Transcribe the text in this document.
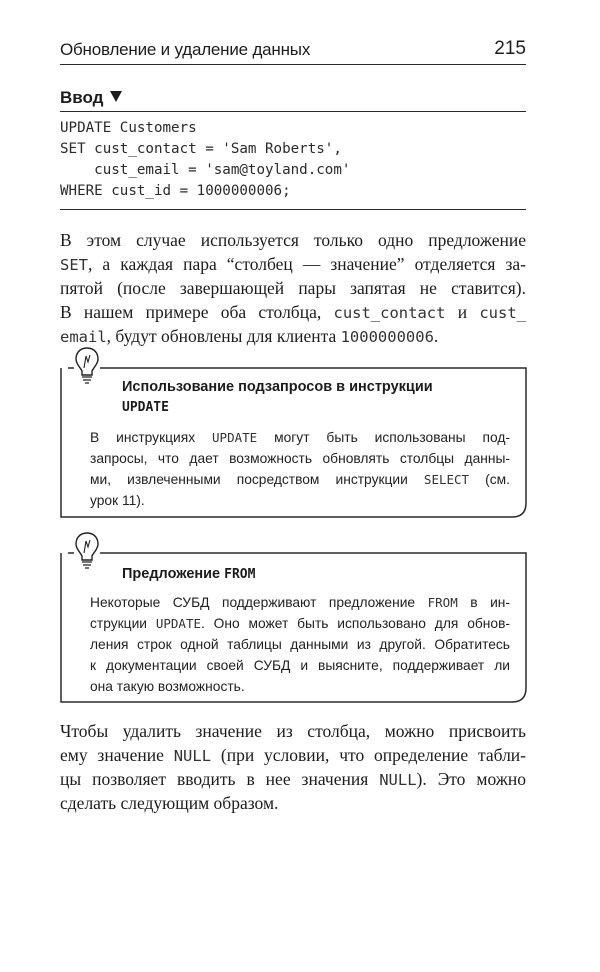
Обновление и удаление данных	215
Ввод
UPDATE Customers
SET cust_contact = 'Sam Roberts',
cust_email = 'sam@toyland.com'
WHERE cust_id = 1000000006;
В этом случае используется только одно предложение
SET, а каждая пара “столбец — значение” отделяется за-
пятой (после завершающей пары запятая не ставится).
В нашем примере оба столбца, cust_contact и cust_
email, будут обновлены для клиента 1000000006.
Использование подзапросов в инструкции
UPDATE
В инструкциях UPDATE могут быть использованы под-
запросы, что дает возможность обновлять столбцы данны-
ми, извлеченными посредством инструкции SELECT (см.
урок 11).
Предложение FROM
Некоторые СУБД поддерживают предложение FROM в ин-
струкции UPDATE. Оно может быть использовано для обнов-
ления строк одной таблицы данными из другой. Обратитесь
к документации своей СУБД и выясните, поддерживает ли
она такую возможность.
Чтобы удалить значение из столбца, можно присвоить
ему значение NULL (при условии, что определение табли-
цы позволяет вводить в нее значения NULL). Это можно
сделать следующим образом.
